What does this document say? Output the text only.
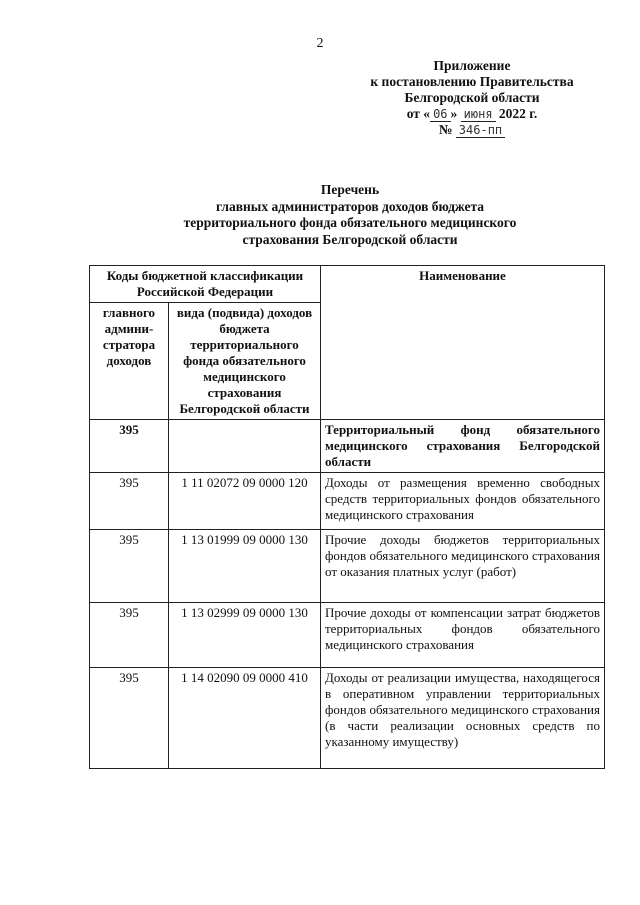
2
Приложение
к постановлению Правительства
Белгородской области
от « 06 » июня 2022 г.
№ 346-пп
Перечень
главных администраторов доходов бюджета
территориального фонда обязательного медицинского
страхования Белгородской области
Коды бюджетной классификации Российской Федерации		Наименование
главного админи-стратора доходов	вида (подвида) доходов бюджета территориального фонда обязательного медицинского страхования Белгородской области	
395		Территориальный фонд обязательного медицинского страхования Белгородской области
395	1 11 02072 09 0000 120	Доходы от размещения временно свободных средств территориальных фондов обязательного медицинского страхования
395	1 13 01999 09 0000 130	Прочие доходы бюджетов территориальных фондов обязательного медицинского страхования от оказания платных услуг (работ)
395	1 13 02999 09 0000 130	Прочие доходы от компенсации затрат бюджетов территориальных фондов обязательного медицинского страхования
395	1 14 02090 09 0000 410	Доходы от реализации имущества, находящегося в оперативном управлении территориальных фондов обязательного медицинского страхования (в части реализации основных средств по указанному имуществу)
